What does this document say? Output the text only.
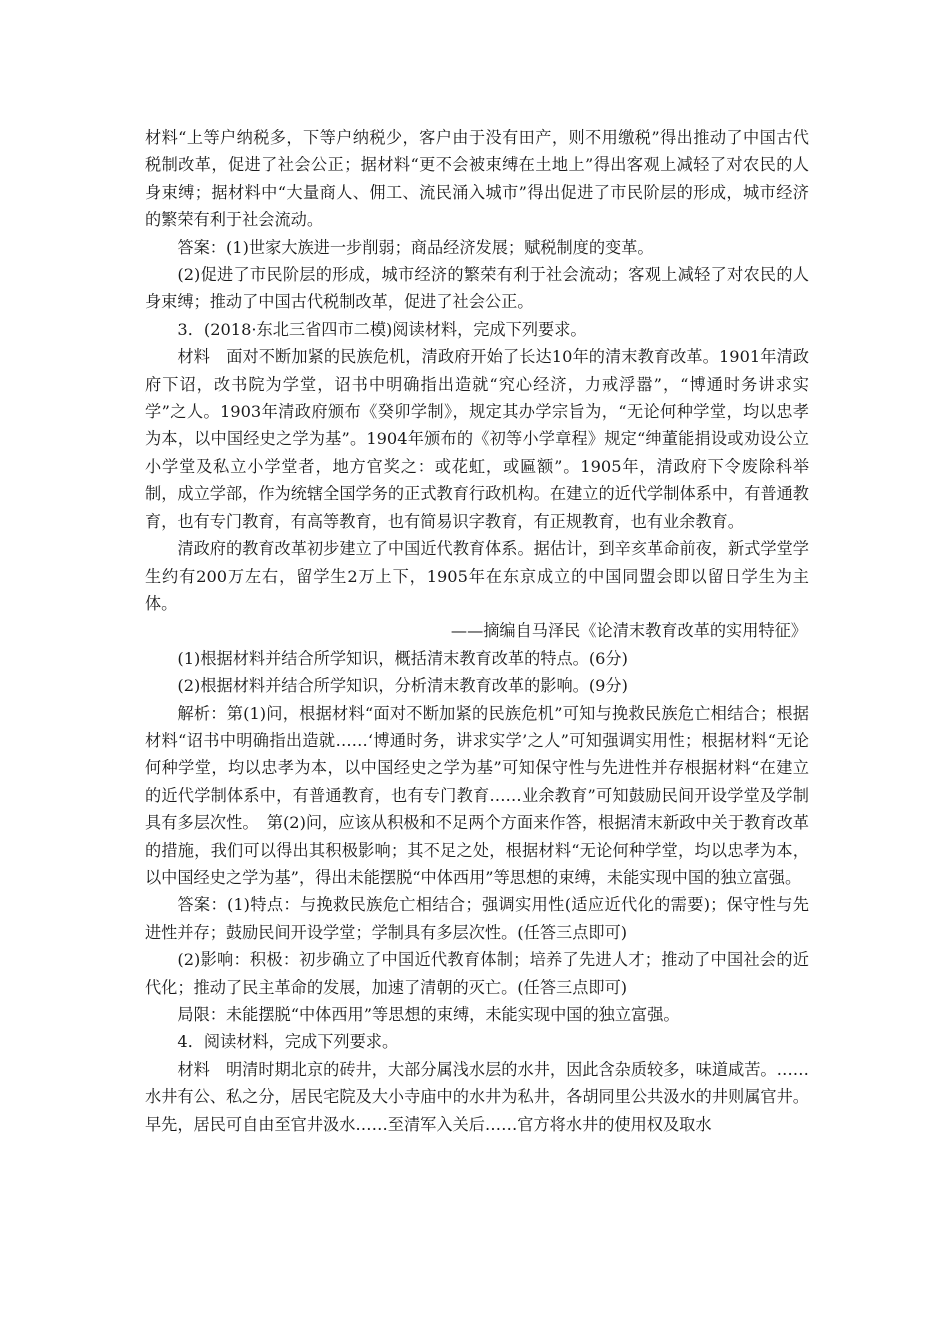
材料“上等户纳税多，下等户纳税少，客户由于没有田产，则不用缴税”得出推动了中国古代税制改革，促进了社会公正；据材料“更不会被束缚在土地上”得出客观上减轻了对农民的人身束缚；据材料中“大量商人、佣工、流民涌入城市”得出促进了市民阶层的形成，城市经济的繁荣有利于社会流动。

答案：(1)世家大族进一步削弱；商品经济发展；赋税制度的变革。

(2)促进了市民阶层的形成，城市经济的繁荣有利于社会流动；客观上减轻了对农民的人身束缚；推动了中国古代税制改革，促进了社会公正。

3．(2018·东北三省四市二模)阅读材料，完成下列要求。

材料　面对不断加紧的民族危机，清政府开始了长达10年的清末教育改革。1901年清政府下诏，改书院为学堂，诏书中明确指出造就“究心经济，力戒浮嚣”，“博通时务讲求实学”之人。1903年清政府颁布《癸卯学制》，规定其办学宗旨为，“无论何种学堂，均以忠孝为本，以中国经史之学为基”。1904年颁布的《初等小学章程》规定“绅董能捐设或劝设公立小学堂及私立小学堂者，地方官奖之：或花虹，或匾额”。1905年，清政府下令废除科举制，成立学部，作为统辖全国学务的正式教育行政机构。在建立的近代学制体系中，有普通教育，也有专门教育，有高等教育，也有简易识字教育，有正规教育，也有业余教育。

清政府的教育改革初步建立了中国近代教育体系。据估计，到辛亥革命前夜，新式学堂学生约有200万左右，留学生2万上下，1905年在东京成立的中国同盟会即以留日学生为主体。

——摘编自马泽民《论清末教育改革的实用特征》

(1)根据材料并结合所学知识，概括清末教育改革的特点。(6分)

(2)根据材料并结合所学知识，分析清末教育改革的影响。(9分)

解析：第(1)问，根据材料“面对不断加紧的民族危机”可知与挽救民族危亡相结合；根据材料“诏书中明确指出造就……‘博通时务，讲求实学’之人”可知强调实用性；根据材料“无论何种学堂，均以忠孝为本，以中国经史之学为基”可知保守性与先进性并存根据材料“在建立的近代学制体系中，有普通教育，也有专门教育……业余教育”可知鼓励民间开设学堂及学制具有多层次性。　第(2)问，应该从积极和不足两个方面来作答，根据清末新政中关于教育改革的措施，我们可以得出其积极影响；其不足之处，根据材料“无论何种学堂，均以忠孝为本，以中国经史之学为基”，得出未能摆脱“中体西用”等思想的束缚，未能实现中国的独立富强。

答案：(1)特点：与挽救民族危亡相结合；强调实用性(适应近代化的需要)；保守性与先进性并存；鼓励民间开设学堂；学制具有多层次性。(任答三点即可)

(2)影响：积极：初步确立了中国近代教育体制；培养了先进人才；推动了中国社会的近代化；推动了民主革命的发展，加速了清朝的灭亡。(任答三点即可)

局限：未能摆脱“中体西用”等思想的束缚，未能实现中国的独立富强。

4．阅读材料，完成下列要求。

材料　明清时期北京的砖井，大部分属浅水层的水井，因此含杂质较多，味道咸苦。……水井有公、私之分，居民宅院及大小寺庙中的水井为私井，各胡同里公共汲水的井则属官井。早先，居民可自由至官井汲水……至清军入关后……官方将水井的使用权及取水
